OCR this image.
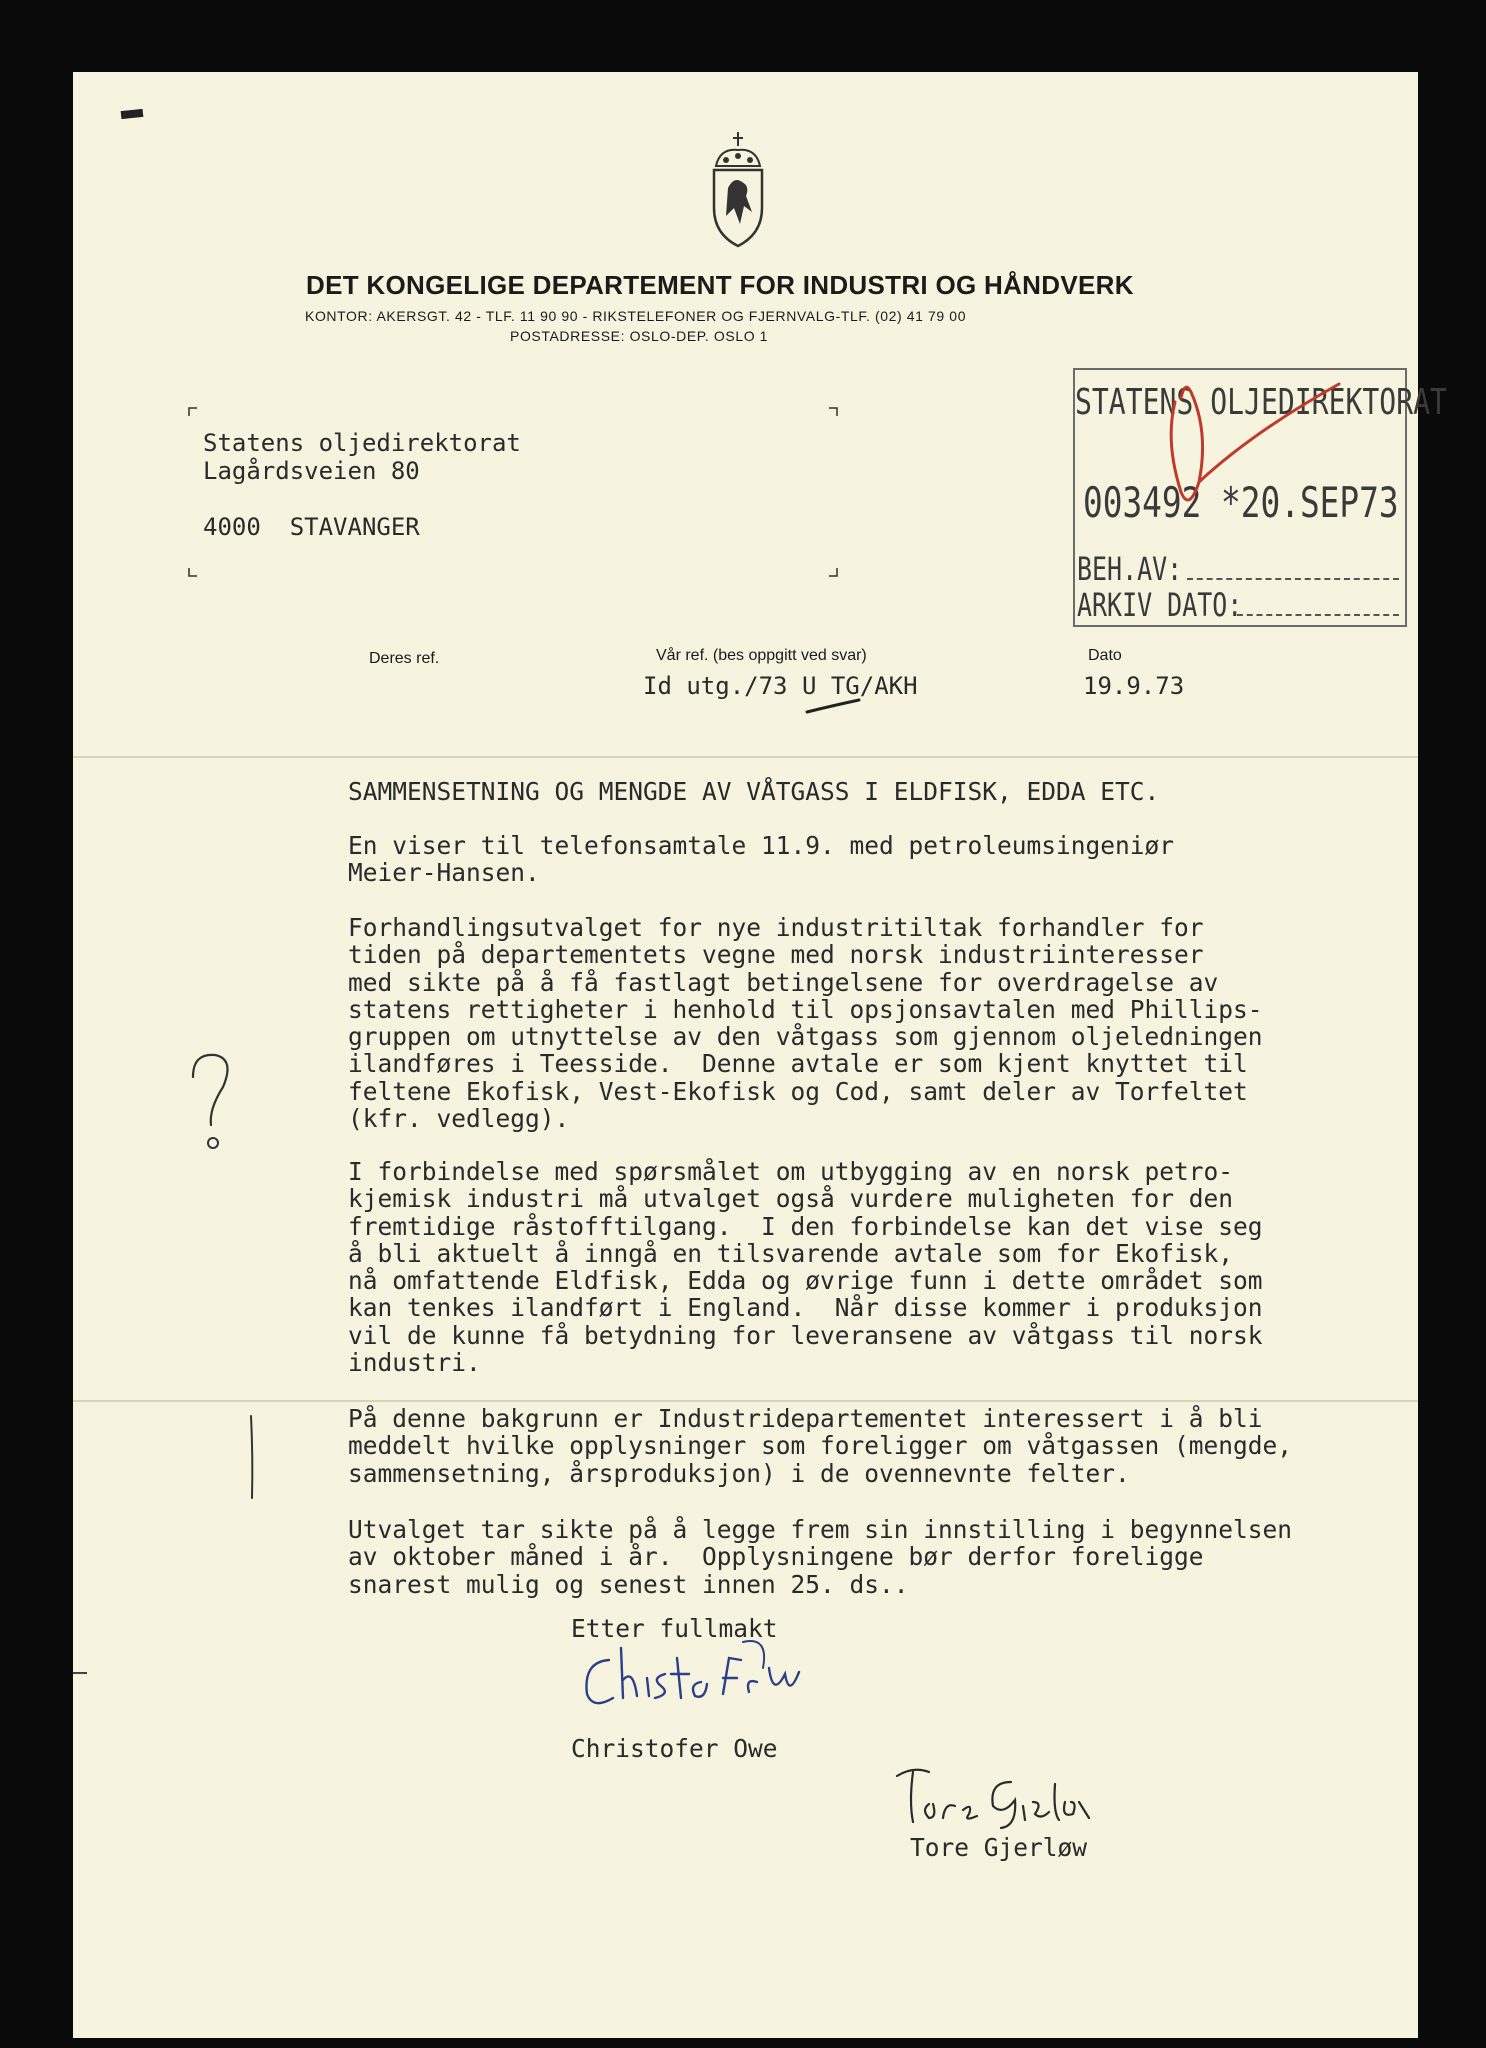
DET KONGELIGE DEPARTEMENT FOR INDUSTRI OG HÅNDVERK
KONTOR: AKERSGT. 42 - TLF. 11 90 90 - RIKSTELEFONER OG FJERNVALG-TLF. (02) 41 79 00
POSTADRESSE: OSLO-DEP. OSLO 1
Statens oljedirektorat
Lagårdsveien 80
4000  STAVANGER
STATENS OLJEDIREKTORAT
003492 *20.SEP73
BEH.AV:
ARKIV DATO:
Deres ref.	Vår ref. (bes oppgitt ved svar)
Id utg./73 U TG/AKH
Dato
19.9.73
SAMMENSETNING OG MENGDE AV VÅTGASS I ELDFISK, EDDA ETC.
En viser til telefonsamtale 11.9. med petroleumsingeniør
Meier-Hansen.
Forhandlingsutvalget for nye industritiltak forhandler for
tiden på departementets vegne med norsk industriinteresser
med sikte på å få fastlagt betingelsene for overdragelse av
statens rettigheter i henhold til opsjonsavtalen med Phillips-
gruppen om utnyttelse av den våtgass som gjennom oljeledningen
ilandføres i Teesside.  Denne avtale er som kjent knyttet til
feltene Ekofisk, Vest-Ekofisk og Cod, samt deler av Torfeltet
(kfr. vedlegg).
I forbindelse med spørsmålet om utbygging av en norsk petro-
kjemisk industri må utvalget også vurdere muligheten for den
fremtidige råstofftilgang.  I den forbindelse kan det vise seg
å bli aktuelt å inngå en tilsvarende avtale som for Ekofisk,
nå omfattende Eldfisk, Edda og øvrige funn i dette området som
kan tenkes ilandført i England.  Når disse kommer i produksjon
vil de kunne få betydning for leveransene av våtgass til norsk
industri.
På denne bakgrunn er Industridepartementet interessert i å bli
meddelt hvilke opplysninger som foreligger om våtgassen (mengde,
sammensetning, årsproduksjon) i de ovennevnte felter.
Utvalget tar sikte på å legge frem sin innstilling i begynnelsen
av oktober måned i år.  Opplysningene bør derfor foreligge
snarest mulig og senest innen 25. ds..
Etter fullmakt
Christofer Owe
Tore Gjerløw
